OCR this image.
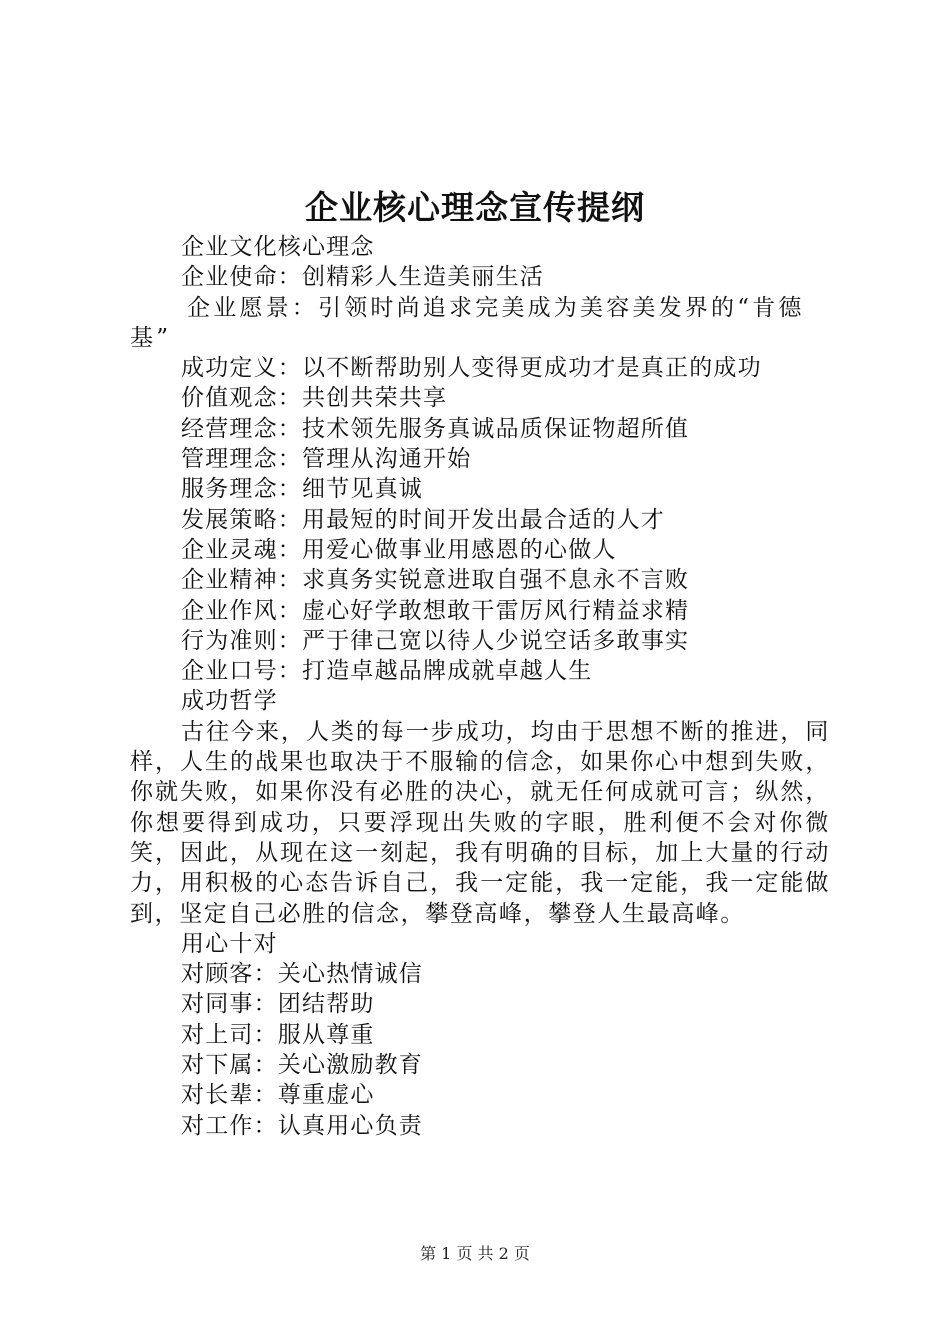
企业核心理念宣传提纲
企业文化核心理念
企业使命：创精彩人生造美丽生活

企业愿景：引领时尚追求完美成为美容美发界的“肯德基”

成功定义：以不断帮助别人变得更成功才是真正的成功
价值观念：共创共荣共享
经营理念：技术领先服务真诚品质保证物超所值
管理理念：管理从沟通开始
服务理念：细节见真诚
发展策略：用最短的时间开发出最合适的人才
企业灵魂：用爱心做事业用感恩的心做人
企业精神：求真务实锐意进取自强不息永不言败
企业作风：虚心好学敢想敢干雷厉风行精益求精
行为准则：严于律己宽以待人少说空话多敢事实
企业口号：打造卓越品牌成就卓越人生
成功哲学

古往今来，人类的每一步成功，均由于思想不断的推进，同样，人生的战果也取决于不服输的信念，如果你心中想到失败，你就失败，如果你没有必胜的决心，就无任何成就可言；纵然，你想要得到成功，只要浮现出失败的字眼，胜利便不会对你微笑，因此，从现在这一刻起，我有明确的目标，加上大量的行动力，用积极的心态告诉自己，我一定能，我一定能，我一定能做到，坚定自己必胜的信念，攀登高峰，攀登人生最高峰。

用心十对
对顾客：关心热情诚信
对同事：团结帮助
对上司：服从尊重
对下属：关心激励教育
对长辈：尊重虚心
对工作：认真用心负责
第 1 页 共 2 页
